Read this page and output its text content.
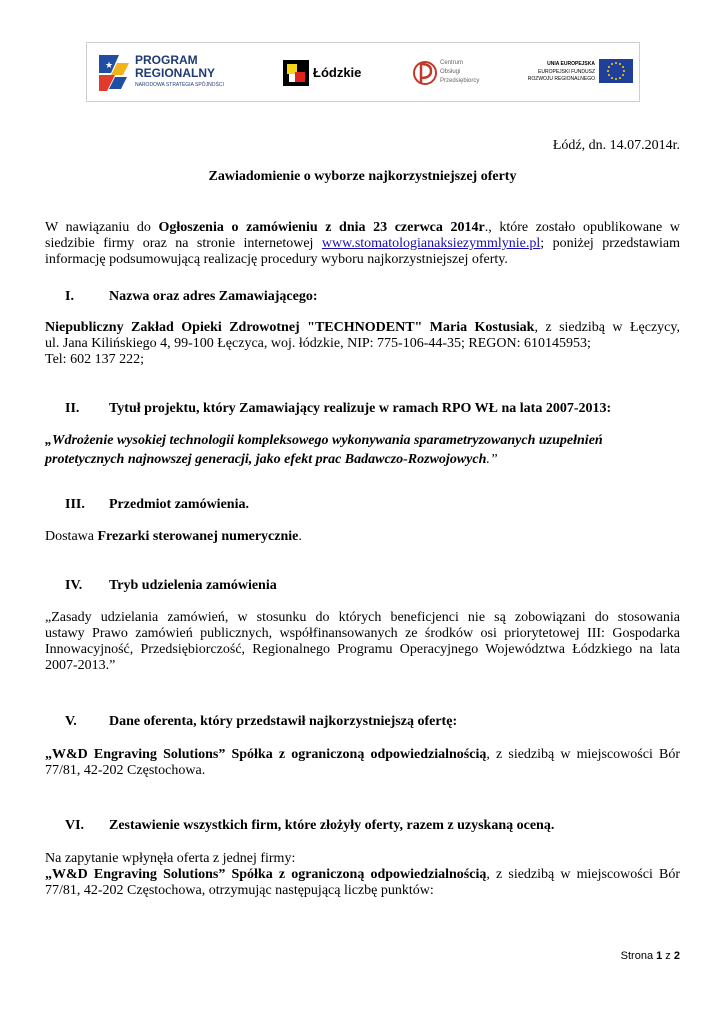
★ PROGRAM
REGIONALNY
NARODOWA STRATEGIA SPÓJNOŚCI
Łódzkie
Centrum
Obsługi
Przedsiębiorcy
UNIA EUROPEJSKA
EUROPEJSKI FUNDUSZ
ROZWOJU REGIONALNEGO
Łódź, dn. 14.07.2014r.
Zawiadomienie o wyborze najkorzystniejszej oferty
W nawiązaniu do Ogłoszenia o zamówieniu z dnia 23 czerwca 2014r., które zostało opublikowane w
siedzibie firmy oraz na stronie internetowej www.stomatologianaksiezymmlynie.pl; poniżej przedstawiam
informację podsumowującą realizację procedury wyboru najkorzystniejszej oferty.
I.	Nazwa oraz adres Zamawiającego:
Niepubliczny Zakład Opieki Zdrowotnej "TECHNODENT" Maria Kostusiak, z siedzibą w Łęczycy,
ul. Jana Kilińskiego 4, 99-100 Łęczyca, woj. łódzkie, NIP: 775-106-44-35; REGON: 610145953;
Tel: 602 137 222;
II. Tytuł projektu, który Zamawiający realizuje w ramach RPO WŁ na lata 2007-2013:
„Wdrożenie wysokiej technologii kompleksowego wykonywania sparametryzowanych uzupełnień
protetycznych najnowszej generacji, jako efekt prac Badawczo-Rozwojowych.”
III. Przedmiot zamówienia.
Dostawa Frezarki sterowanej numerycznie.
IV. Tryb udzielenia zamówienia
„Zasady udzielania zamówień, w stosunku do których beneficjenci nie są zobowiązani do stosowania
ustawy Prawo zamówień publicznych, współfinansowanych ze środków osi priorytetowej III: Gospodarka
Innowacyjność, Przedsiębiorczość, Regionalnego Programu Operacyjnego Województwa Łódzkiego na lata
2007-2013.”
V. Dane oferenta, który przedstawił najkorzystniejszą ofertę:
„W&D Engraving Solutions” Spółka z ograniczoną odpowiedzialnością, z siedzibą w miejscowości Bór
77/81, 42-202 Częstochowa.
VI. Zestawienie wszystkich firm, które złożyły oferty, razem z uzyskaną oceną.
Na zapytanie wpłynęła oferta z jednej firmy:
„W&D Engraving Solutions” Spółka z ograniczoną odpowiedzialnością, z siedzibą w miejscowości Bór
77/81, 42-202 Częstochowa, otrzymując następującą liczbę punktów:
Strona 1 z 2
